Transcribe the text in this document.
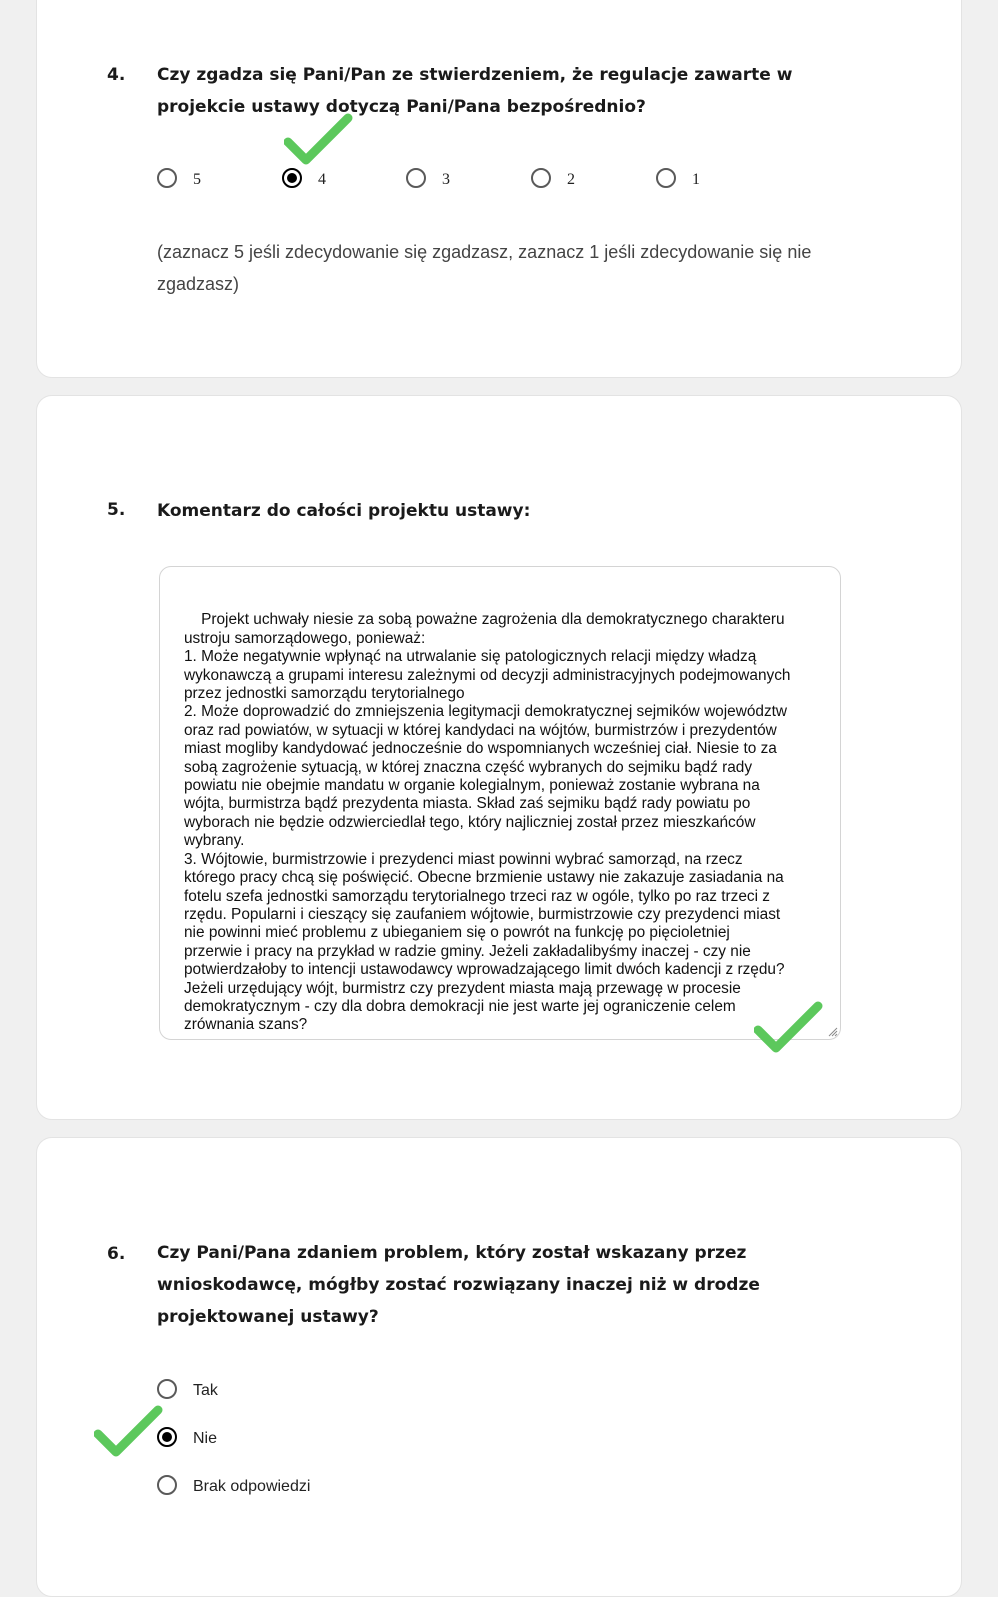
4. Czy zgadza się Pani/Pan ze stwierdzeniem, że regulacje zawarte w projekcie ustawy dotyczą Pani/Pana bezpośrednio?

5	4	3	2	1

(zaznacz 5 jeśli zdecydowanie się zgadzasz, zaznacz 1 jeśli zdecydowanie się nie zgadzasz)

5. Komentarz do całości projektu ustawy:

Projekt uchwały niesie za sobą poważne zagrożenia dla demokratycznego charakteru
ustroju samorządowego, ponieważ:
1. Może negatywnie wpłynąć na utrwalanie się patologicznych relacji między władzą
wykonawczą a grupami interesu zależnymi od decyzji administracyjnych podejmowanych
przez jednostki samorządu terytorialnego
2. Może doprowadzić do zmniejszenia legitymacji demokratycznej sejmików województw
oraz rad powiatów, w sytuacji w której kandydaci na wójtów, burmistrzów i prezydentów
miast mogliby kandydować jednocześnie do wspomnianych wcześniej ciał. Niesie to za
sobą zagrożenie sytuacją, w której znaczna część wybranych do sejmiku bądź rady
powiatu nie obejmie mandatu w organie kolegialnym, ponieważ zostanie wybrana na
wójta, burmistrza bądź prezydenta miasta. Skład zaś sejmiku bądź rady powiatu po
wyborach nie będzie odzwierciedlał tego, który najliczniej został przez mieszkańców
wybrany.
3. Wójtowie, burmistrzowie i prezydenci miast powinni wybrać samorząd, na rzecz
którego pracy chcą się poświęcić. Obecne brzmienie ustawy nie zakazuje zasiadania na
fotelu szefa jednostki samorządu terytorialnego trzeci raz w ogóle, tylko po raz trzeci z
rzędu. Popularni i cieszący się zaufaniem wójtowie, burmistrzowie czy prezydenci miast
nie powinni mieć problemu z ubieganiem się o powrót na funkcję po pięcioletniej
przerwie i pracy na przykład w radzie gminy. Jeżeli zakładalibyśmy inaczej - czy nie
potwierdzałoby to intencji ustawodawcy wprowadzającego limit dwóch kadencji z rzędu?
Jeżeli urzędujący wójt, burmistrz czy prezydent miasta mają przewagę w procesie
demokratycznym - czy dla dobra demokracji nie jest warte jej ograniczenie celem
zrównania szans?

6. Czy Pani/Pana zdaniem problem, który został wskazany przez wnioskodawcę, mógłby zostać rozwiązany inaczej niż w drodze projektowanej ustawy?

Tak
Nie
Brak odpowiedzi
